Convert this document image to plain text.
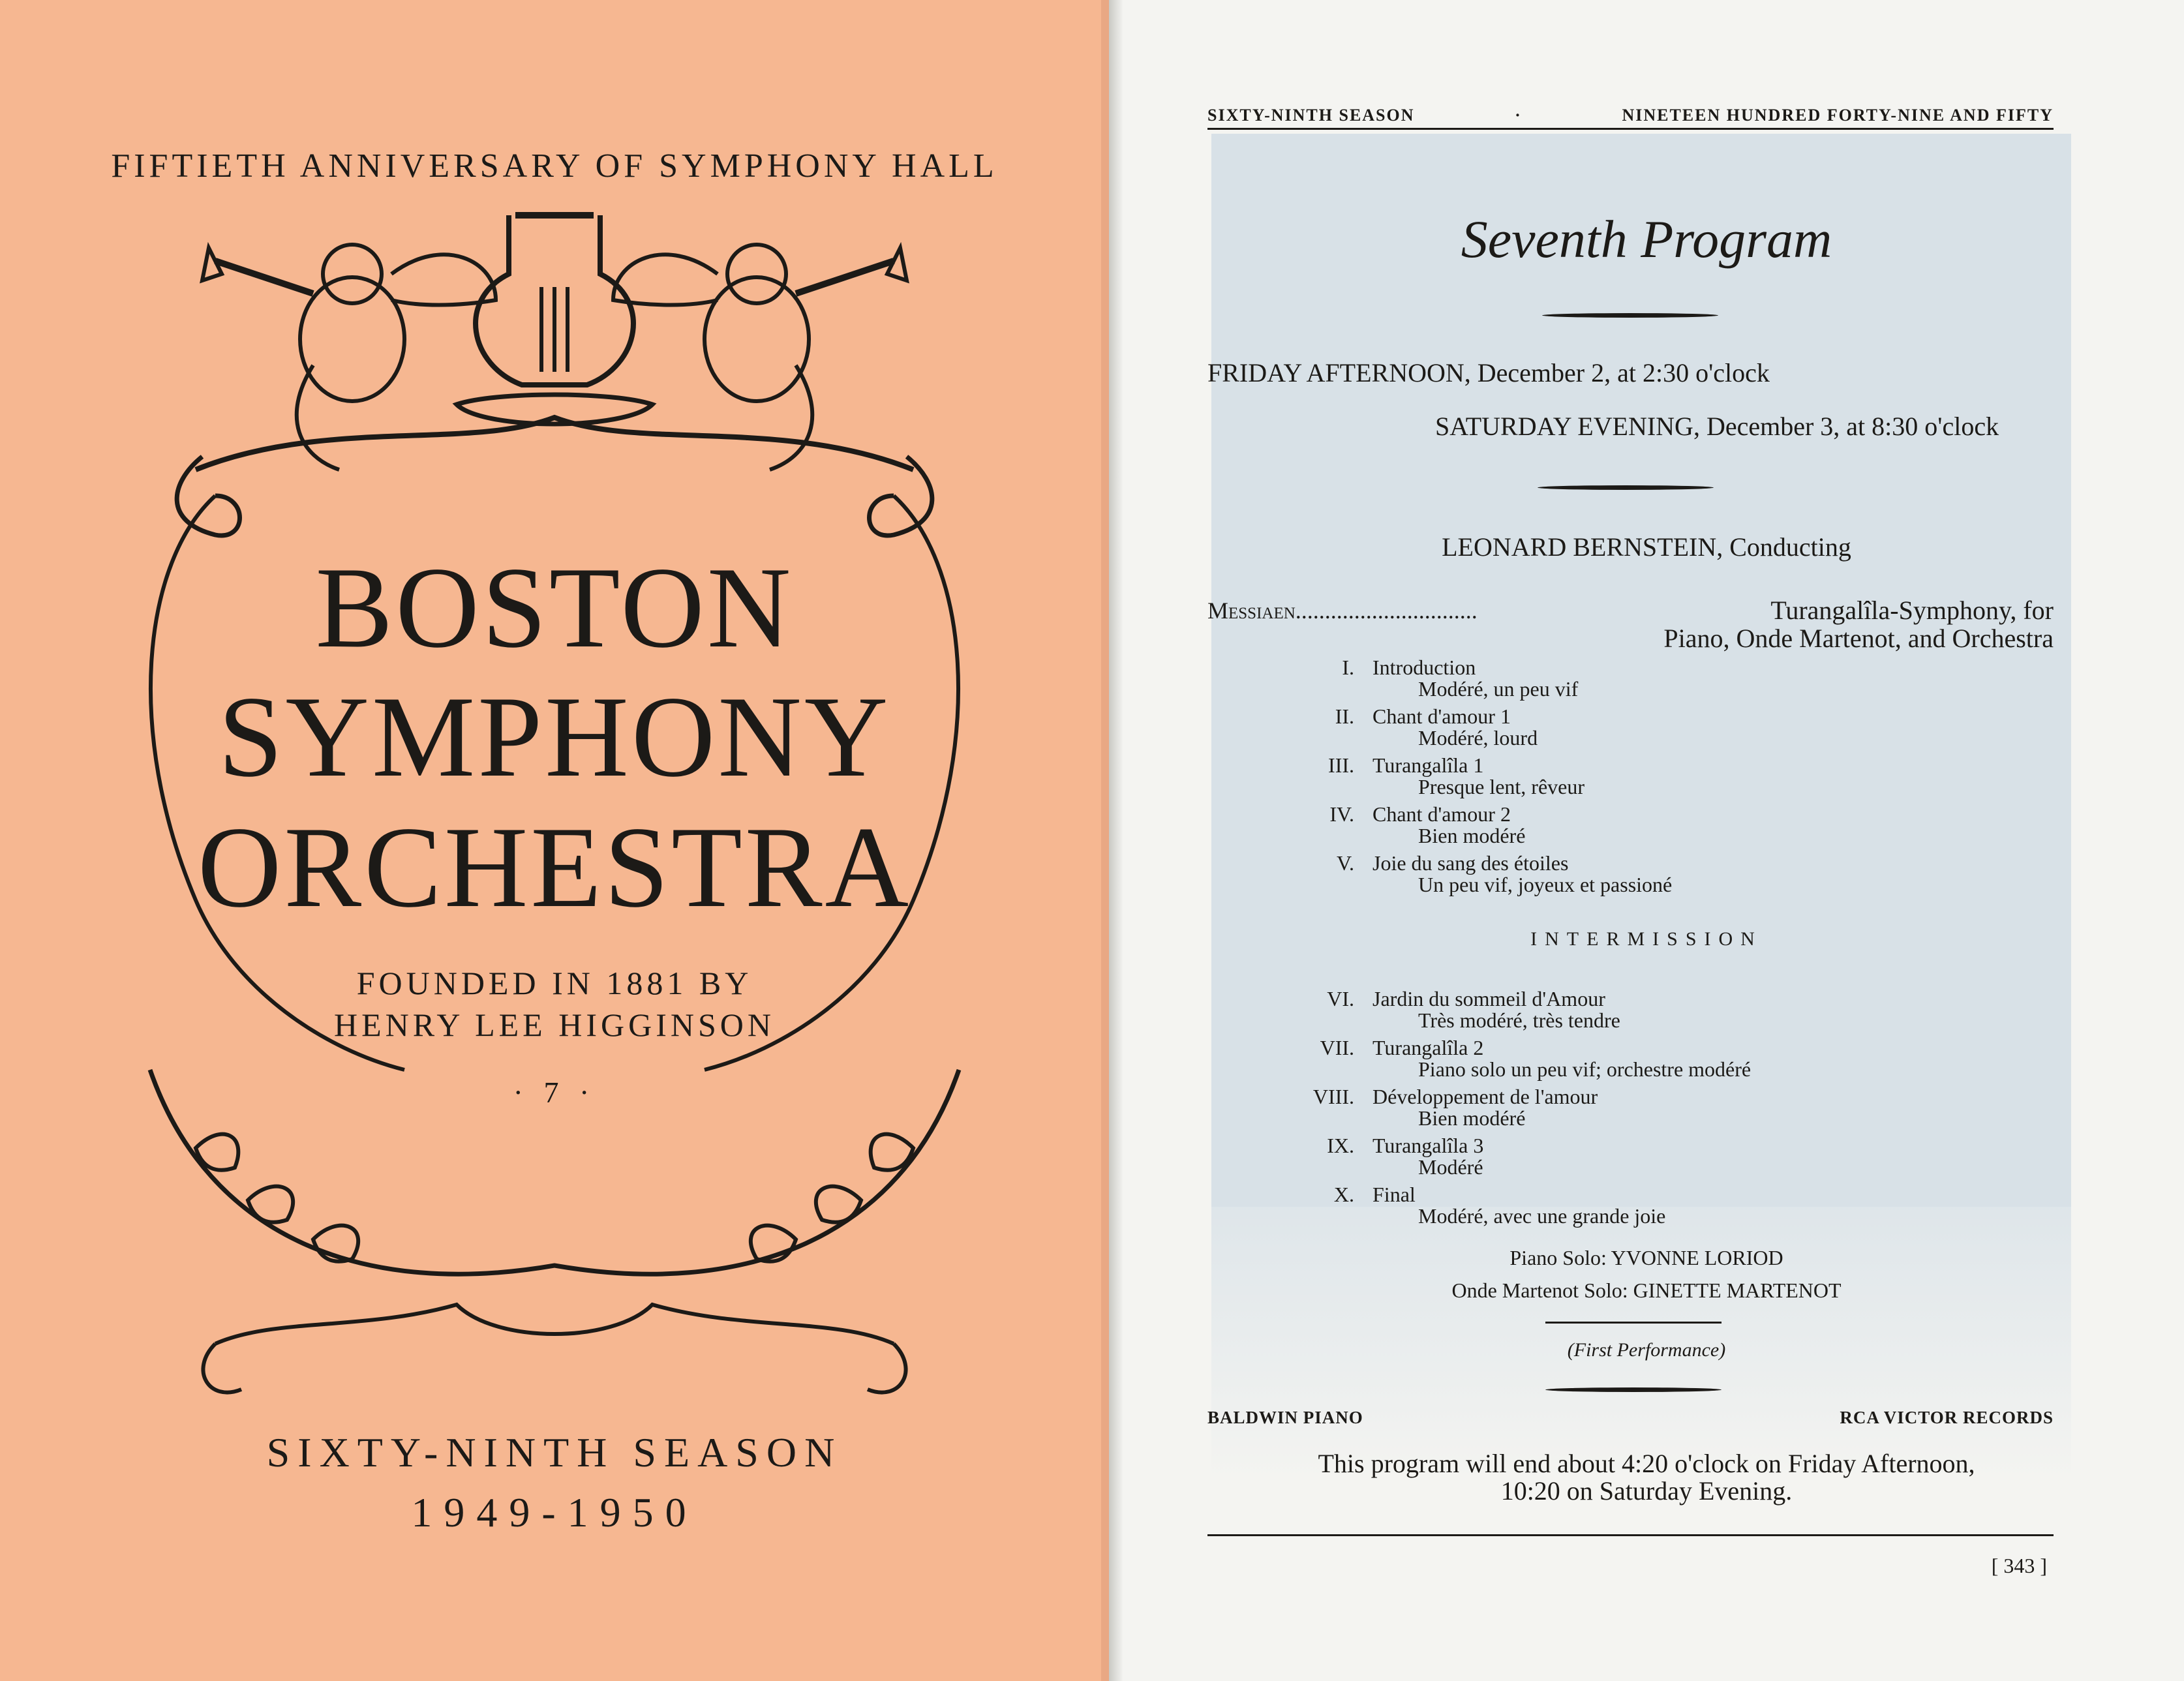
FIFTIETH ANNIVERSARY OF SYMPHONY HALL
BOSTON
SYMPHONY
ORCHESTRA
FOUNDED IN 1881 BY
HENRY LEE HIGGINSON
· 7 ·
SIXTY-NINTH SEASON
1949-1950
SIXTY-NINTH SEASON	·	NINETEEN HUNDRED FORTY-NINE AND FIFTY
Seventh Program
FRIDAY AFTERNOON, December 2, at 2:30 o'clock
SATURDAY EVENING, December 3, at 8:30 o'clock
LEONARD BERNSTEIN, Conducting
Messiaen...............................	Turangalîla-Symphony, for
Piano, Onde Martenot, and Orchestra
I. Introduction
Modéré, un peu vif
II. Chant d'amour 1
Modéré, lourd
III. Turangalîla 1
Presque lent, rêveur
IV. Chant d'amour 2
Bien modéré
V. Joie du sang des étoiles
Un peu vif, joyeux et passioné
INTERMISSION
VI. Jardin du sommeil d'Amour
Très modéré, très tendre
VII. Turangalîla 2
Piano solo un peu vif; orchestre modéré
VIII. Développement de l'amour
Bien modéré
IX. Turangalîla 3
Modéré
X. Final
Modéré, avec une grande joie
Piano Solo: YVONNE LORIOD
Onde Martenot Solo: GINETTE MARTENOT
(First Performance)
BALDWIN PIANO	RCA VICTOR RECORDS
This program will end about 4:20 o'clock on Friday Afternoon,
10:20 on Saturday Evening.
[ 343 ]
